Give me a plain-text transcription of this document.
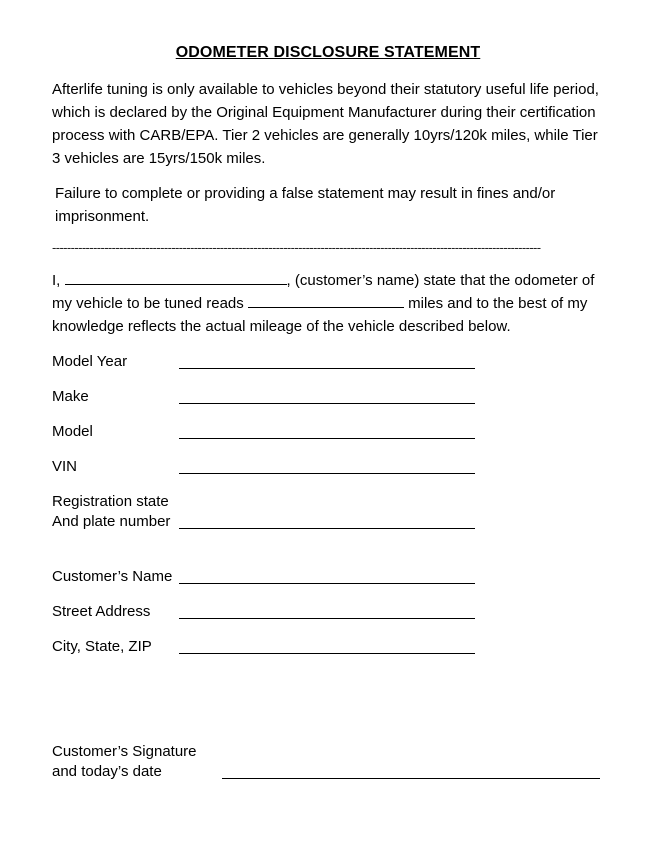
ODOMETER DISCLOSURE STATEMENT

Afterlife tuning is only available to vehicles beyond their statutory useful life period, which is declared by the Original Equipment Manufacturer during their certification process with CARB/EPA. Tier 2 vehicles are generally 10yrs/120k miles, while Tier 3 vehicles are 15yrs/150k miles.

Failure to complete or providing a false statement may result in fines and/or imprisonment.

-----------------------------------------------------------------------------------------------------------------------------------

I,	, (customer’s name) state that the odometer of my vehicle to be tuned reads	miles and to the best of my knowledge reflects the actual mileage of the vehicle described below.

Model Year
Make
Model
VIN
Registration state
And plate number
Customer’s Name
Street Address
City, State, ZIP
Customer’s Signature
and today’s date
